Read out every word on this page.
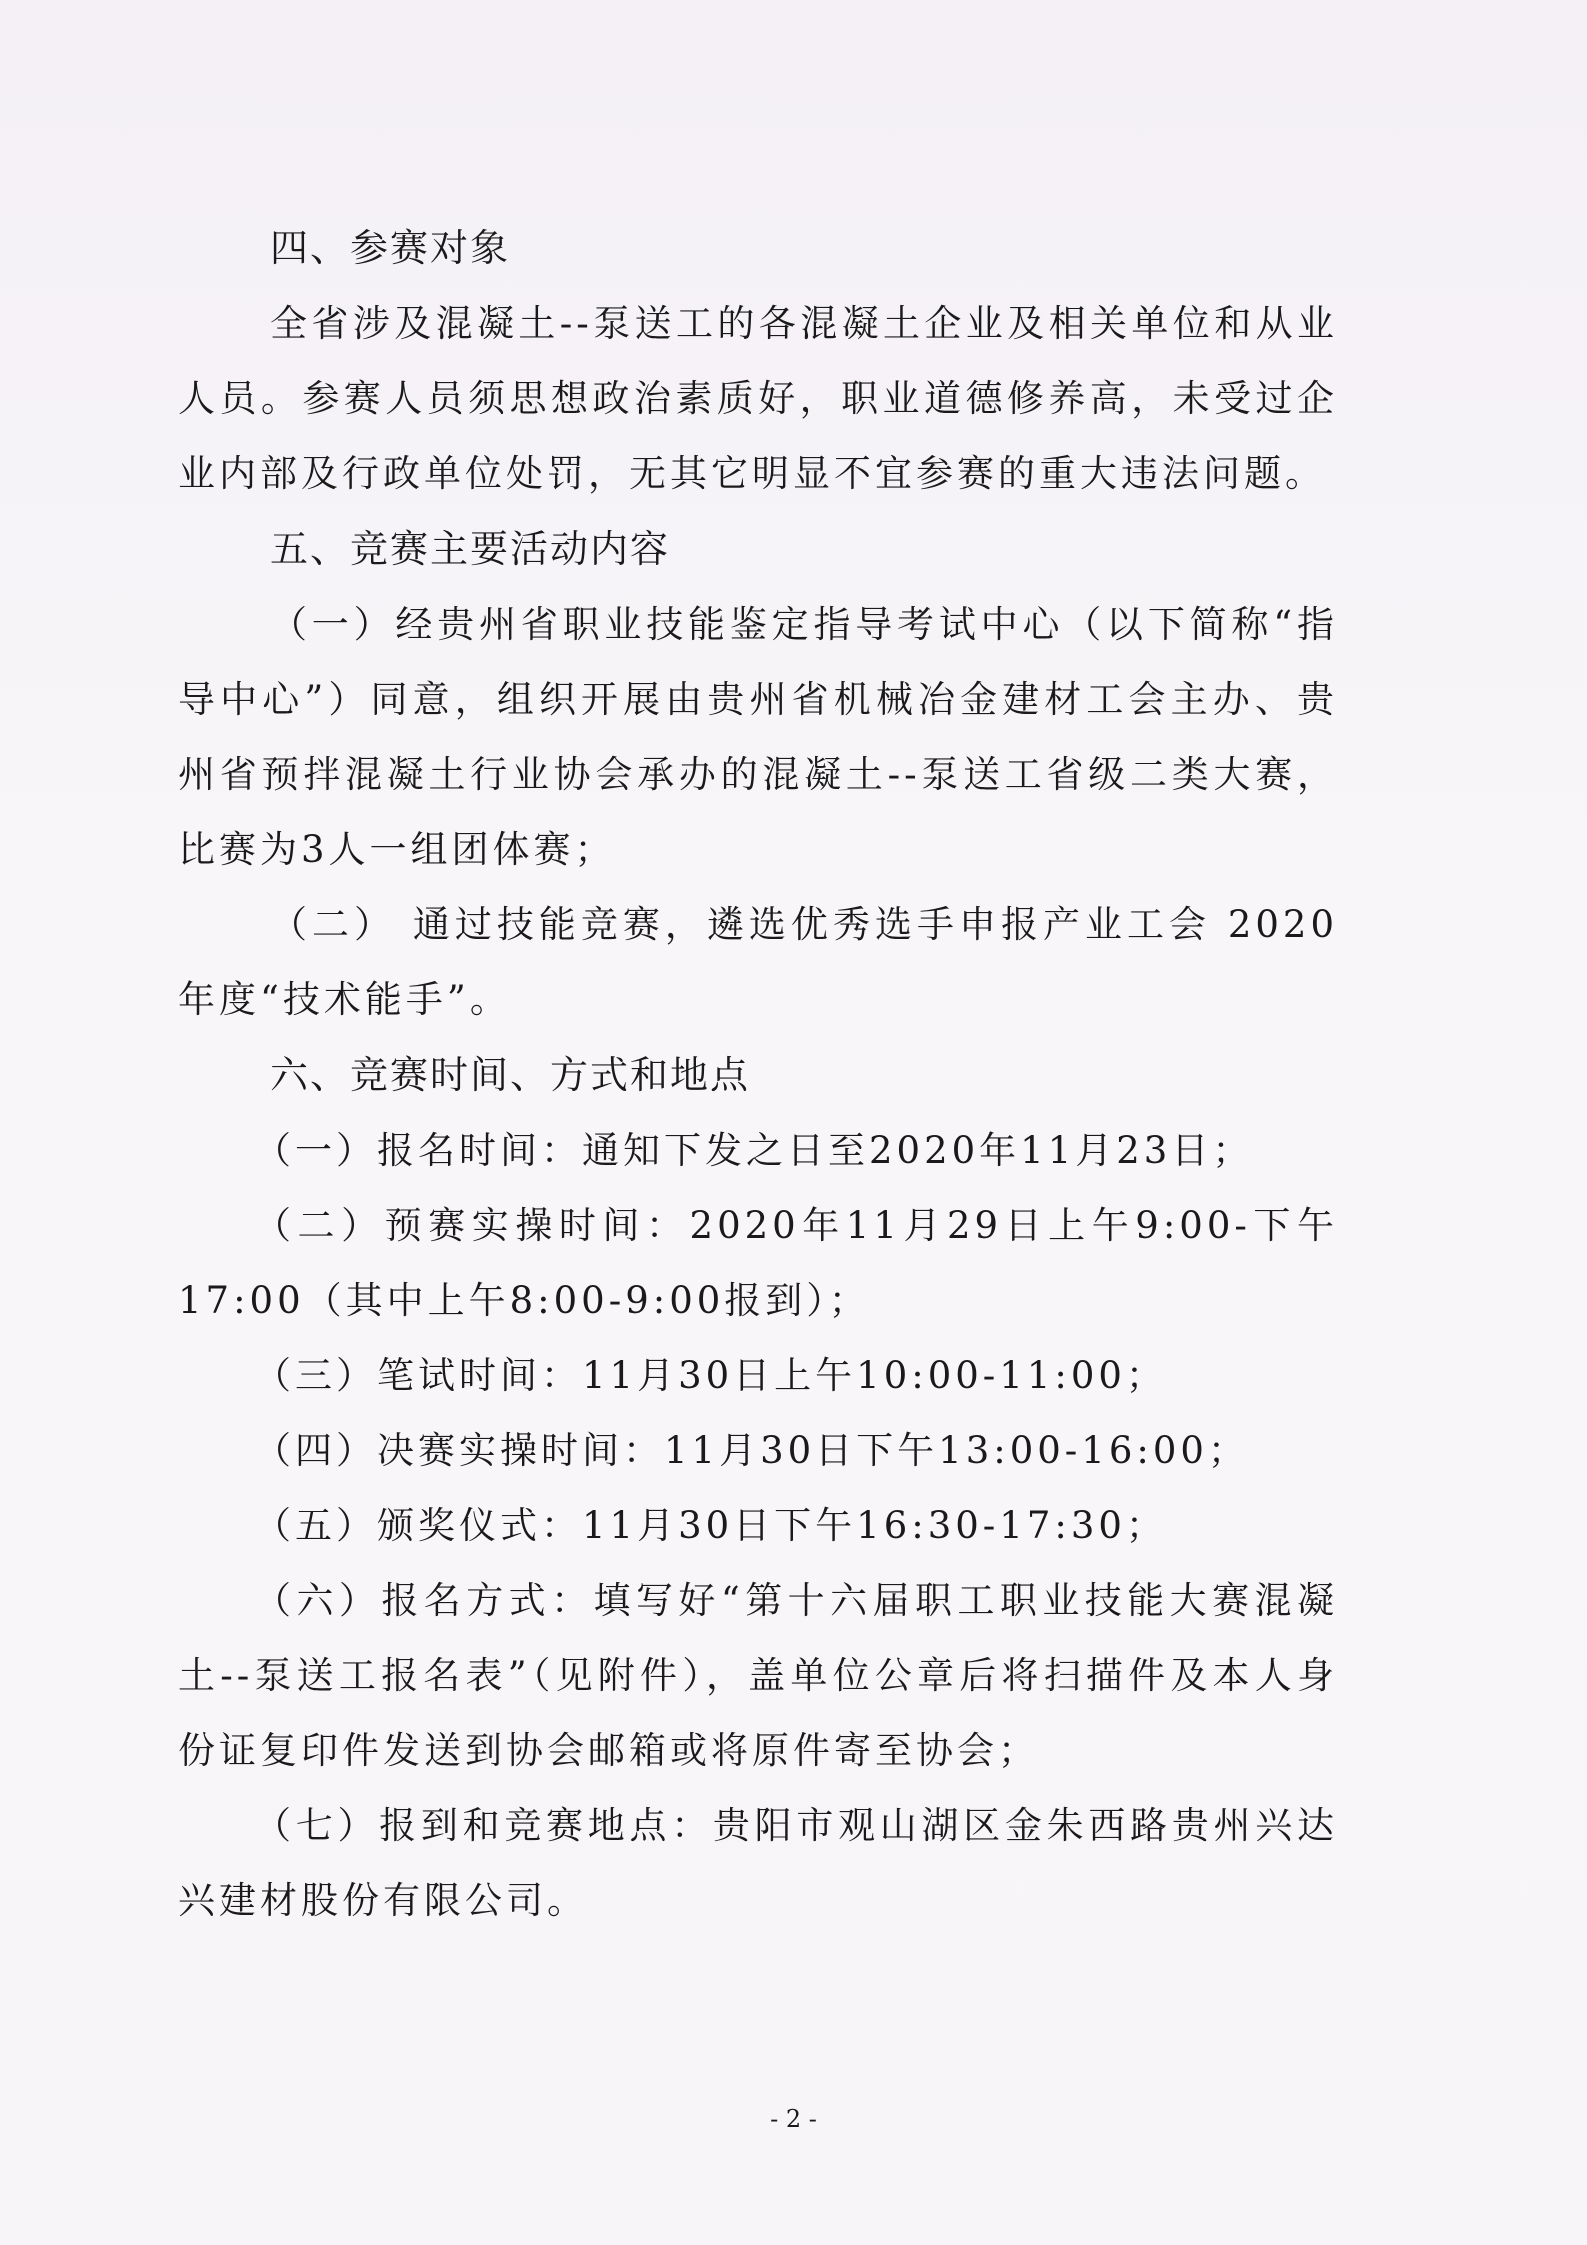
四、参赛对象
全省涉及混凝土--泵送工的各混凝土企业及相关单位和从业人员。参赛人员须思想政治素质好，职业道德修养高，未受过企业内部及行政单位处罚，无其它明显不宜参赛的重大违法问题。
五、竞赛主要活动内容
（一）经贵州省职业技能鉴定指导考试中心（以下简称“指导中心”）同意，组织开展由贵州省机械冶金建材工会主办、贵州省预拌混凝土行业协会承办的混凝土--泵送工省级二类大赛，比赛为3人一组团体赛；
（二） 通过技能竞赛，遴选优秀选手申报产业工会 2020年度“技术能手”。
六、竞赛时间、方式和地点
（一）报名时间：通知下发之日至2020年11月23日；
（二）预赛实操时间：2020年11月29日上午9:00-下午17:00（其中上午8:00-9:00报到）；
（三）笔试时间：11月30日上午10:00-11:00；
（四）决赛实操时间：11月30日下午13:00-16:00；
（五）颁奖仪式：11月30日下午16:30-17:30；
（六）报名方式：填写好“第十六届职工职业技能大赛混凝土--泵送工报名表”（见附件），盖单位公章后将扫描件及本人身份证复印件发送到协会邮箱或将原件寄至协会；
（七）报到和竞赛地点：贵阳市观山湖区金朱西路贵州兴达兴建材股份有限公司。
- 2 -
